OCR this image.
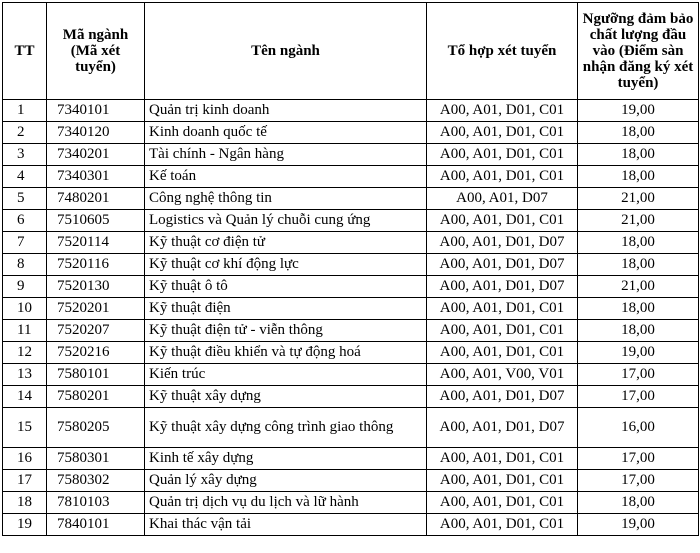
TT	Mã ngành (Mã xét tuyển)	Tên ngành	Tổ hợp xét tuyển	Ngưỡng đảm bảo chất lượng đầu vào (Điểm sàn nhận đăng ký xét tuyển)
1	7340101	Quản trị kinh doanh	A00, A01, D01, C01	19,00
2	7340120	Kinh doanh quốc tế	A00, A01, D01, C01	18,00
3	7340201	Tài chính - Ngân hàng	A00, A01, D01, C01	18,00
4	7340301	Kế toán	A00, A01, D01, C01	18,00
5	7480201	Công nghệ thông tin	A00, A01, D07	21,00
6	7510605	Logistics và Quản lý chuỗi cung ứng	A00, A01, D01, C01	21,00
7	7520114	Kỹ thuật cơ điện tử	A00, A01, D01, D07	18,00
8	7520116	Kỹ thuật cơ khí động lực	A00, A01, D01, D07	18,00
9	7520130	Kỹ thuật ô tô	A00, A01, D01, D07	21,00
10	7520201	Kỹ thuật điện	A00, A01, D01, C01	18,00
11	7520207	Kỹ thuật điện tử - viễn thông	A00, A01, D01, C01	18,00
12	7520216	Kỹ thuật điều khiển và tự động hoá	A00, A01, D01, C01	19,00
13	7580101	Kiến trúc	A00, A01, V00, V01	17,00
14	7580201	Kỹ thuật xây dựng	A00, A01, D01, D07	17,00
15	7580205	Kỹ thuật xây dựng công trình giao thông	A00, A01, D01, D07	16,00
16	7580301	Kinh tế xây dựng	A00, A01, D01, C01	17,00
17	7580302	Quản lý xây dựng	A00, A01, D01, C01	17,00
18	7810103	Quản trị dịch vụ du lịch và lữ hành	A00, A01, D01, C01	18,00
19	7840101	Khai thác vận tải	A00, A01, D01, C01	19,00
